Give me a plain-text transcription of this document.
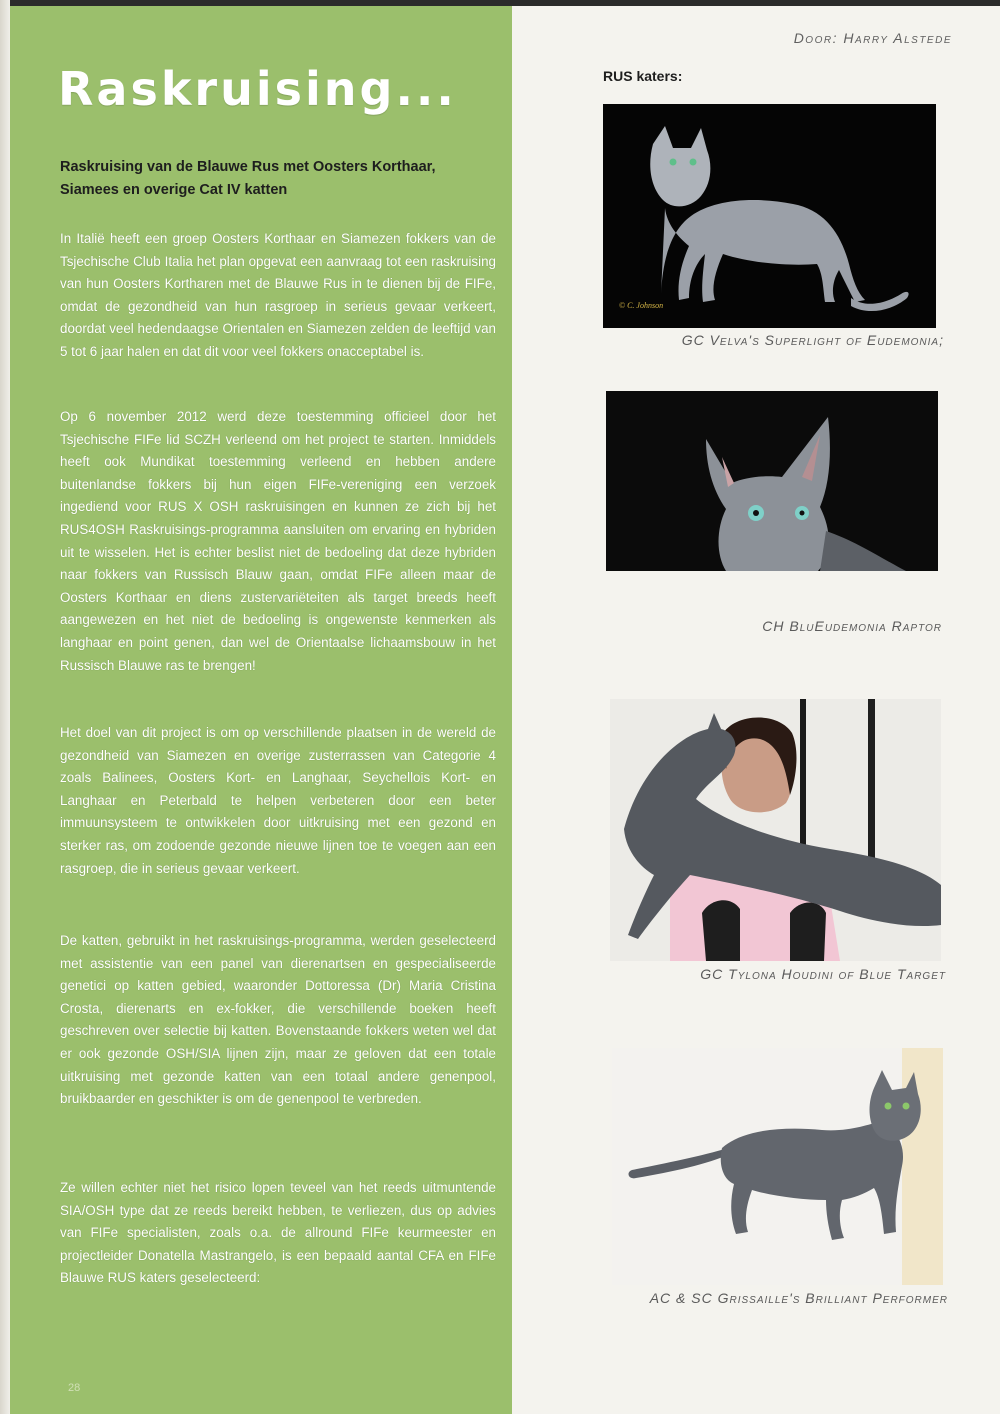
Raskruising...

Raskruising van de Blauwe Rus met Oosters Korthaar, Siamees en overige Cat IV katten

In Italië heeft een groep Oosters Korthaar en Siamezen fokkers van de Tsjechische Club Italia het plan opgevat een aanvraag tot een raskruising van hun Oosters Kortharen met de Blauwe Rus in te dienen bij de FIFe, omdat de gezondheid van hun rasgroep in serieus gevaar verkeert, doordat veel hedendaagse Orientalen en Siamezen zelden de leeftijd van 5 tot 6 jaar halen en dat dit voor veel fokkers onacceptabel is.

Op 6 november 2012 werd deze toestemming officieel door het Tsjechische FIFe lid SCZH verleend om het project te starten. Inmiddels heeft ook Mundikat toestemming verleend en hebben andere buitenlandse fokkers bij hun eigen FIFe-vereniging een verzoek ingediend voor RUS X OSH raskruisingen en kunnen ze zich bij het RUS4OSH Raskruisings-programma aansluiten om ervaring en hybriden uit te wisselen. Het is echter beslist niet de bedoeling dat deze hybriden naar fokkers van Russisch Blauw gaan, omdat FIFe alleen maar de Oosters Korthaar en diens zustervariëteiten als target breeds heeft aangewezen en het niet de bedoeling is ongewenste kenmerken als langhaar en point genen, dan wel de Orientaalse lichaamsbouw in het Russisch Blauwe ras te brengen!

Het doel van dit project is om op verschillende plaatsen in de wereld de gezondheid van Siamezen en overige zusterrassen van Categorie 4 zoals Balinees, Oosters Kort- en Langhaar, Seychellois Kort- en Langhaar en Peterbald te helpen verbeteren door een beter immuunsysteem te ontwikkelen door uitkruising met een gezond en sterker ras, om zodoende gezonde nieuwe lijnen toe te voegen aan een rasgroep, die in serieus gevaar verkeert.

De katten, gebruikt in het raskruisings-programma, werden geselecteerd met assistentie van een panel van dierenartsen en gespecialiseerde genetici op katten gebied, waaronder Dottoressa (Dr) Maria Cristina Crosta, dierenarts en ex-fokker, die verschillende boeken heeft geschreven over selectie bij katten. Bovenstaande fokkers weten wel dat er ook gezonde OSH/SIA lijnen zijn, maar ze geloven dat een totale uitkruising met gezonde katten van een totaal andere genenpool, bruikbaarder en geschikter is om de genenpool te verbreden.

Ze willen echter niet het risico lopen teveel van het reeds uitmuntende SIA/OSH type dat ze reeds bereikt hebben, te verliezen, dus op advies van FIFe specialisten, zoals o.a. de allround FIFe keurmeester en projectleider Donatella Mastrangelo, is een bepaald aantal CFA en FIFe Blauwe RUS katers geselecteerd:

28
Door: Harry Alstede
RUS katers:
© C. Johnson
GC Velva's Superlight of Eudemonia;
CH BluEudemonia Raptor
GC Tylona Houdini of Blue Target
AC & SC Grissaille's Brilliant Performer
